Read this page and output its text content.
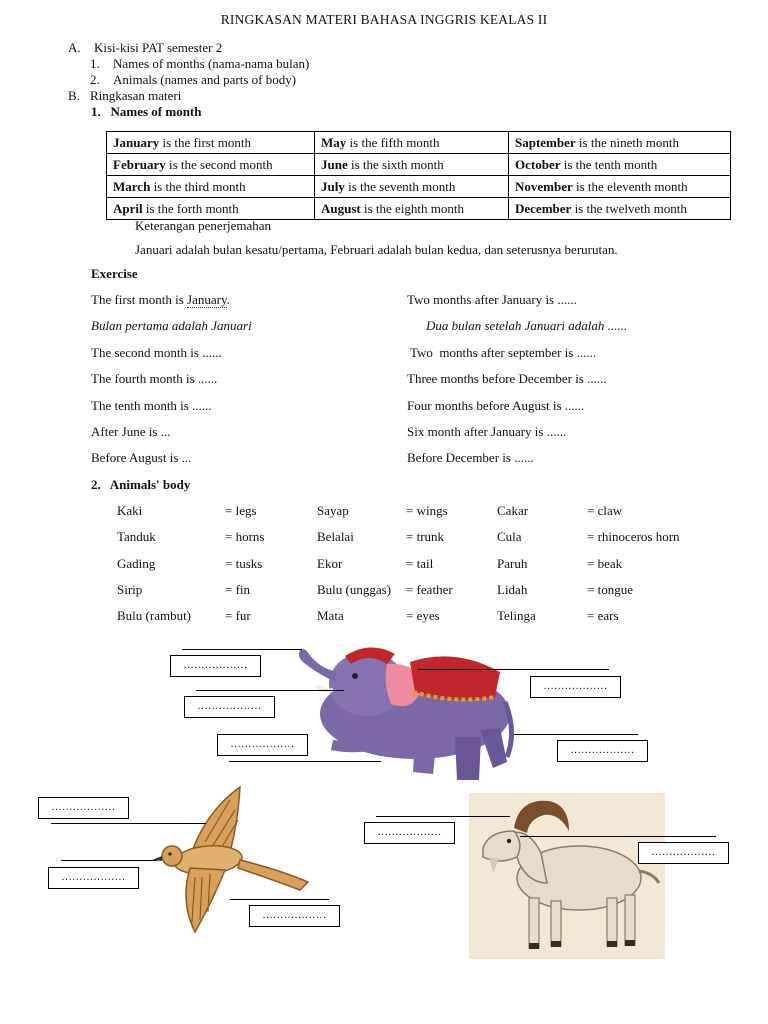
RINGKASAN MATERI BAHASA INGGRIS KEALAS II
A. Kisi-kisi PAT semester 2
1. Names of months (nama-nama bulan)
2. Animals (names and parts of body)
B. Ringkasan materi
1.   Names of month
January is the first month	May is the fifth month	Saptember is the nineth month
February is the second month	June is the sixth month	October is the tenth month
March is the third month	July is the seventh month	November is the eleventh month
April is the forth month	August is the eighth month	December is the twelveth month
Keterangan penerjemahan
Januari adalah bulan kesatu/pertama, Februari adalah bulan kedua, dan seterusnya berurutan.
Exercise
The first month is January.
Bulan pertama adalah Januari
The second month is ......
The fourth month is ......
The tenth month is ......
After June is ...
Before August is ...
Two months after January is ......
Dua bulan setelah Januari adalah ......
Two  months after september is ......
Three months before December is ......
Four months before August is ......
Six month after January is ......
Before December is ......
2.   Animals' body
Kaki	= legs	Sayap	= wings	Cakar	= claw
Tanduk	= horns	Belalai	= trunk	Cula	= rhinoceros horn
Gading	= tusks	Ekor	= tail	Paruh	= beak
Sirip	= fin	Bulu (unggas) = feather	Lidah	= tongue
Bulu (rambut)	= fur	Mata	= eyes	Telinga	= ears
..................
..................
..................
..................
..................
..................
..................
..................
..................
..................
